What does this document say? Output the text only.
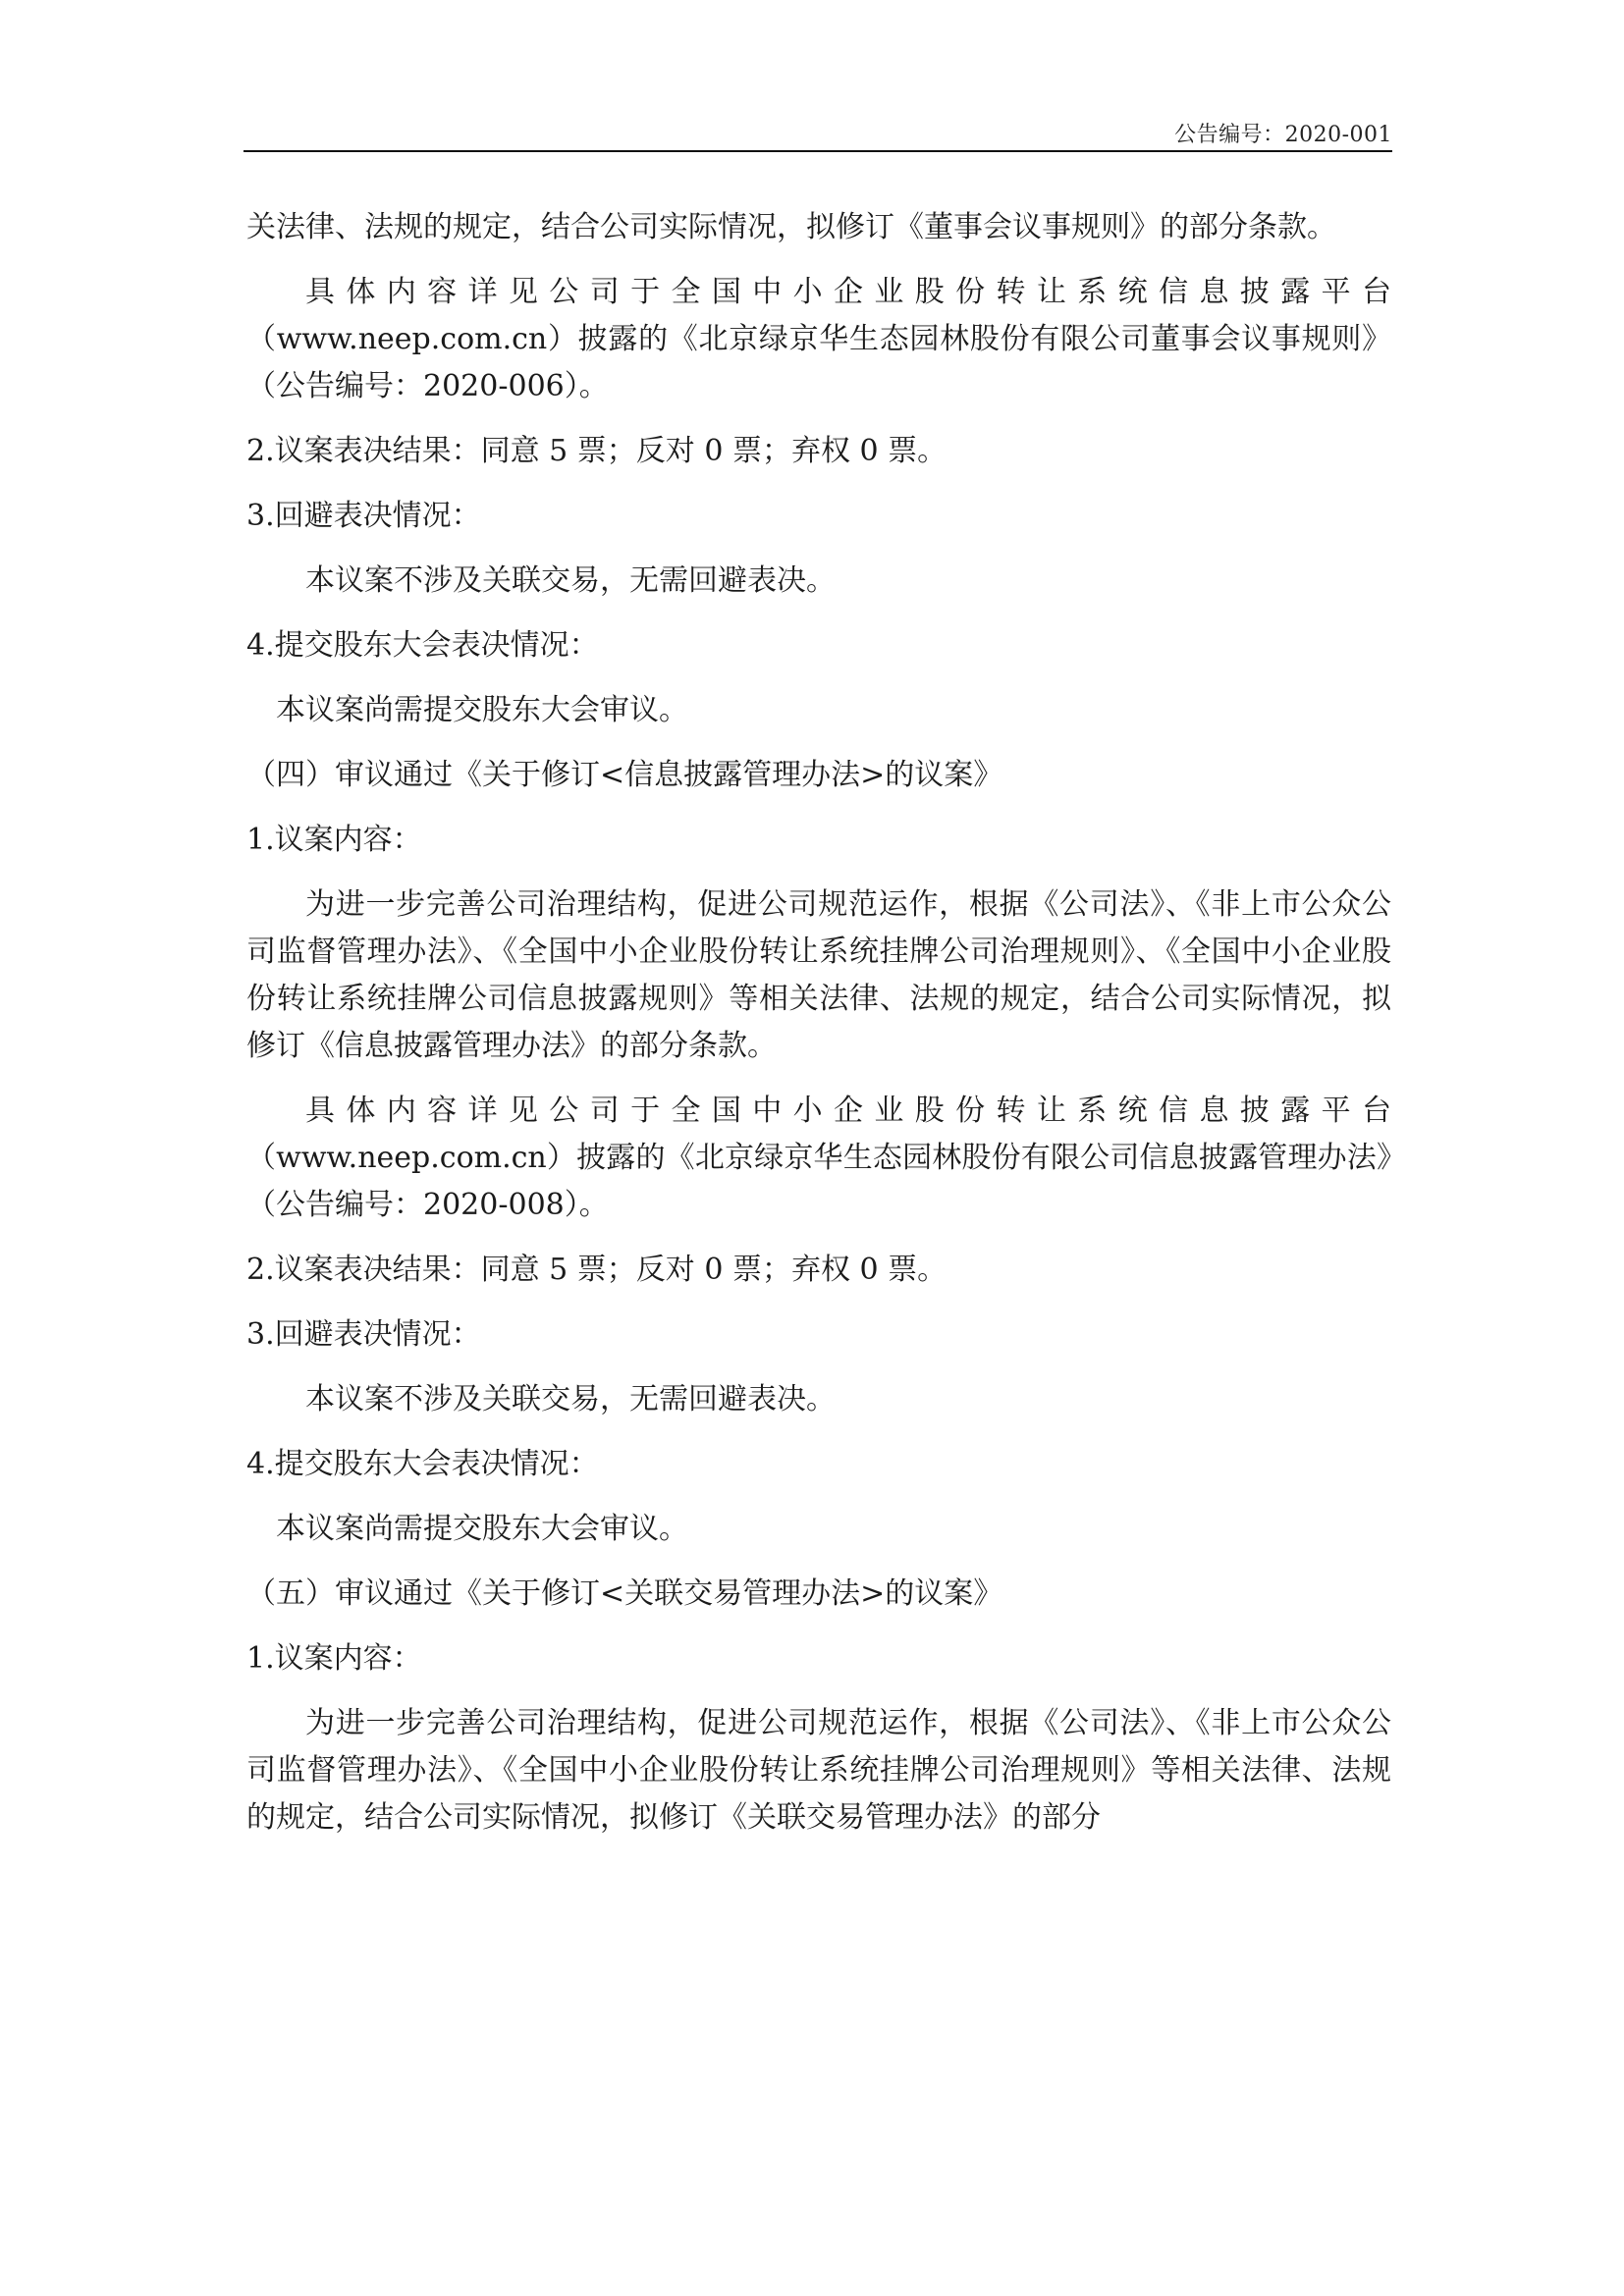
公告编号：2020-001

关法律、法规的规定，结合公司实际情况，拟修订《董事会议事规则》的部分条款。

具体内容详见公司于全国中小企业股份转让系统信息披露平台（www.neep.com.cn）披露的《北京绿京华生态园林股份有限公司董事会议事规则》（公告编号：2020-006）。

2.议案表决结果：同意 5 票；反对 0 票；弃权 0 票。

3.回避表决情况：

本议案不涉及关联交易，无需回避表决。

4.提交股东大会表决情况：

本议案尚需提交股东大会审议。

（四）审议通过《关于修订<信息披露管理办法>的议案》

1.议案内容：

为进一步完善公司治理结构，促进公司规范运作，根据《公司法》、《非上市公众公司监督管理办法》、《全国中小企业股份转让系统挂牌公司治理规则》、《全国中小企业股份转让系统挂牌公司信息披露规则》等相关法律、法规的规定，结合公司实际情况，拟修订《信息披露管理办法》的部分条款。

具体内容详见公司于全国中小企业股份转让系统信息披露平台（www.neep.com.cn）披露的《北京绿京华生态园林股份有限公司信息披露管理办法》（公告编号：2020-008）。

2.议案表决结果：同意 5 票；反对 0 票；弃权 0 票。

3.回避表决情况：

本议案不涉及关联交易，无需回避表决。

4.提交股东大会表决情况：

本议案尚需提交股东大会审议。

（五）审议通过《关于修订<关联交易管理办法>的议案》

1.议案内容：

为进一步完善公司治理结构，促进公司规范运作，根据《公司法》、《非上市公众公司监督管理办法》、《全国中小企业股份转让系统挂牌公司治理规则》等相关法律、法规的规定，结合公司实际情况，拟修订《关联交易管理办法》的部分
